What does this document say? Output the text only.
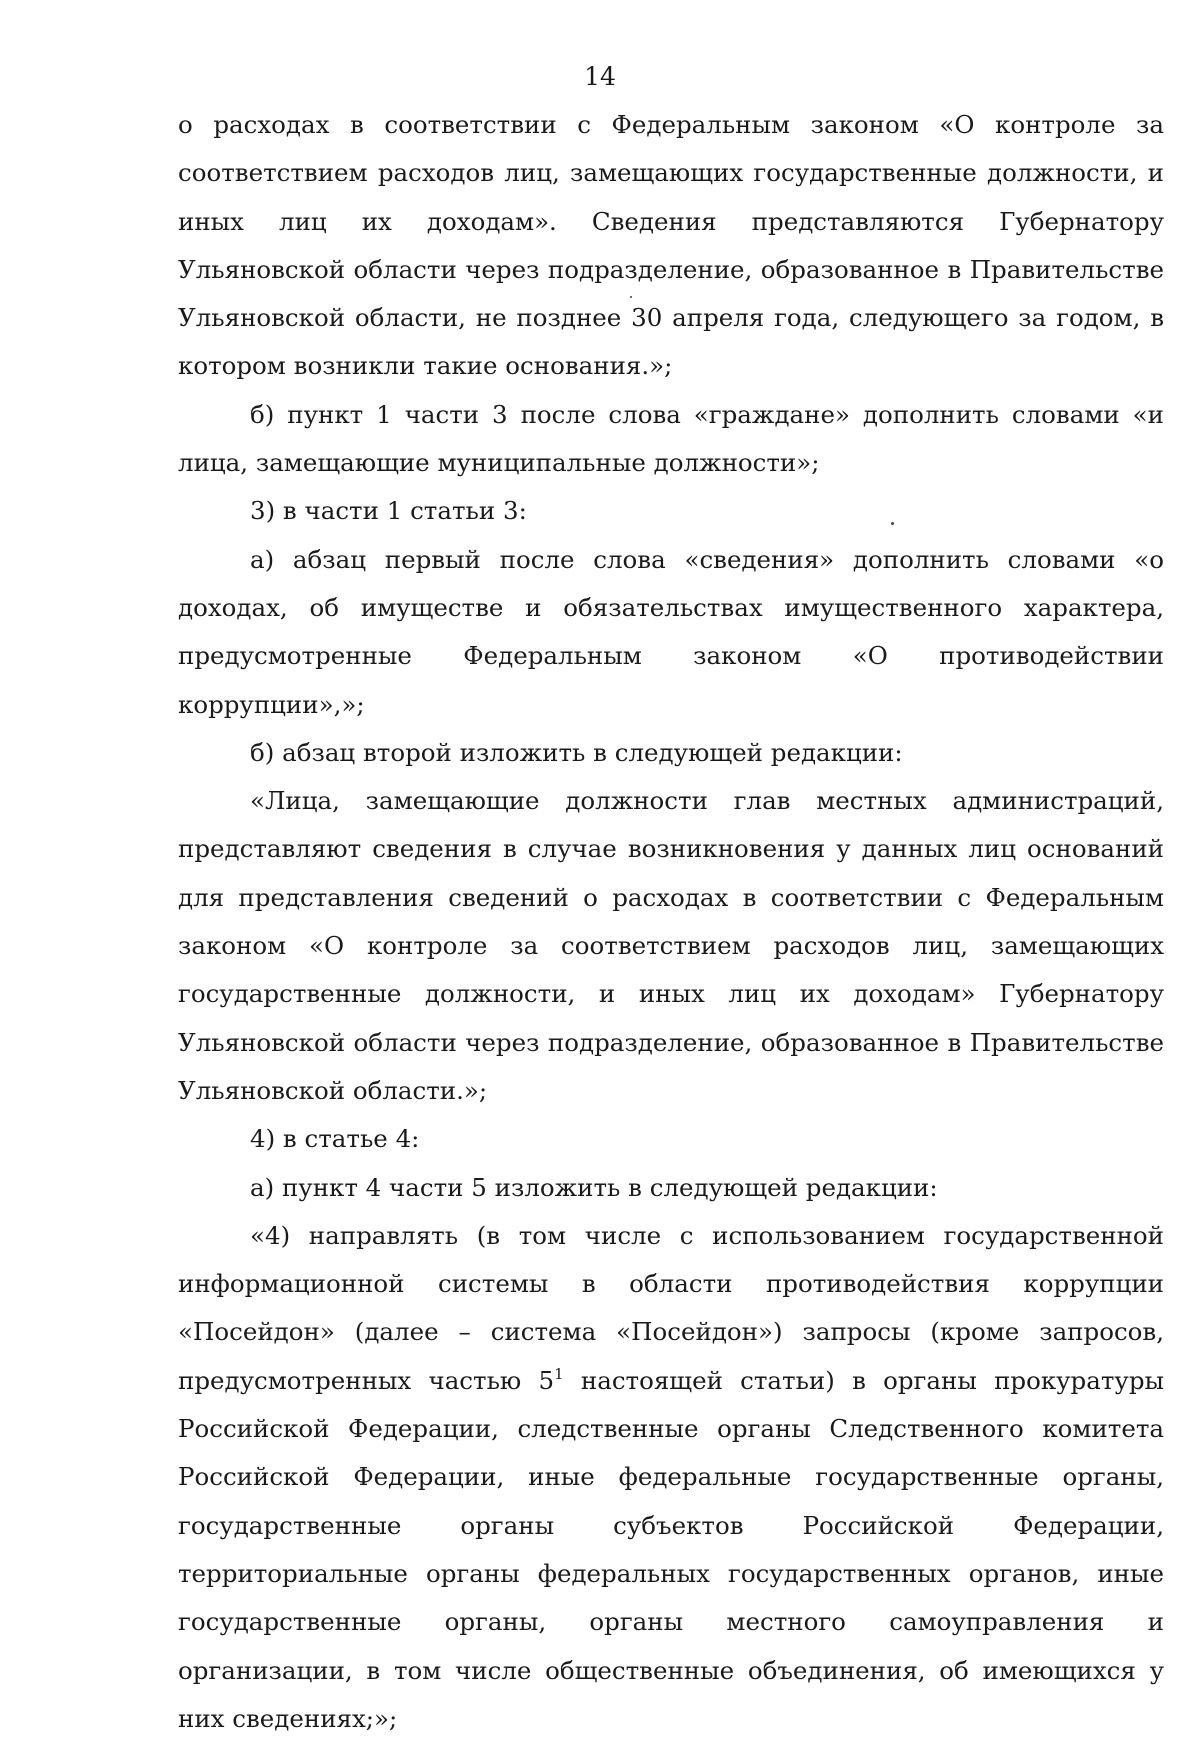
14

о расходах в соответствии с Федеральным законом «О контроле за соответствием расходов лиц, замещающих государственные должности, и иных лиц их доходам». Сведения представляются Губернатору Ульяновской области через подразделение, образованное в Правительстве Ульяновской области, не позднее 30 апреля года, следующего за годом, в котором возникли такие основания.»;

б) пункт 1 части 3 после слова «граждане» дополнить словами «и лица, замещающие муниципальные должности»;

3) в части 1 статьи 3:

а) абзац первый после слова «сведения» дополнить словами «о доходах, об имуществе и обязательствах имущественного характера, предусмотренные Федеральным законом «О противодействии коррупции»,»;

б) абзац второй изложить в следующей редакции:

«Лица, замещающие должности глав местных администраций, представляют сведения в случае возникновения у данных лиц оснований для представления сведений о расходах в соответствии с Федеральным законом «О контроле за соответствием расходов лиц, замещающих государственные должности, и иных лиц их доходам» Губернатору Ульяновской области через подразделение, образованное в Правительстве Ульяновской области.»;

4) в статье 4:

а) пункт 4 части 5 изложить в следующей редакции:

«4) направлять (в том числе с использованием государственной информационной системы в области противодействия коррупции «Посейдон» (далее – система «Посейдон») запросы (кроме запросов, предусмотренных частью $5^1$ настоящей статьи) в органы прокуратуры Российской Федерации, следственные органы Следственного комитета Российской Федерации, иные федеральные государственные органы, государственные органы субъектов Российской Федерации, территориальные органы федеральных государственных органов, иные государственные органы, органы местного самоуправления и организации, в том числе общественные объединения, об имеющихся у них сведениях;»;
